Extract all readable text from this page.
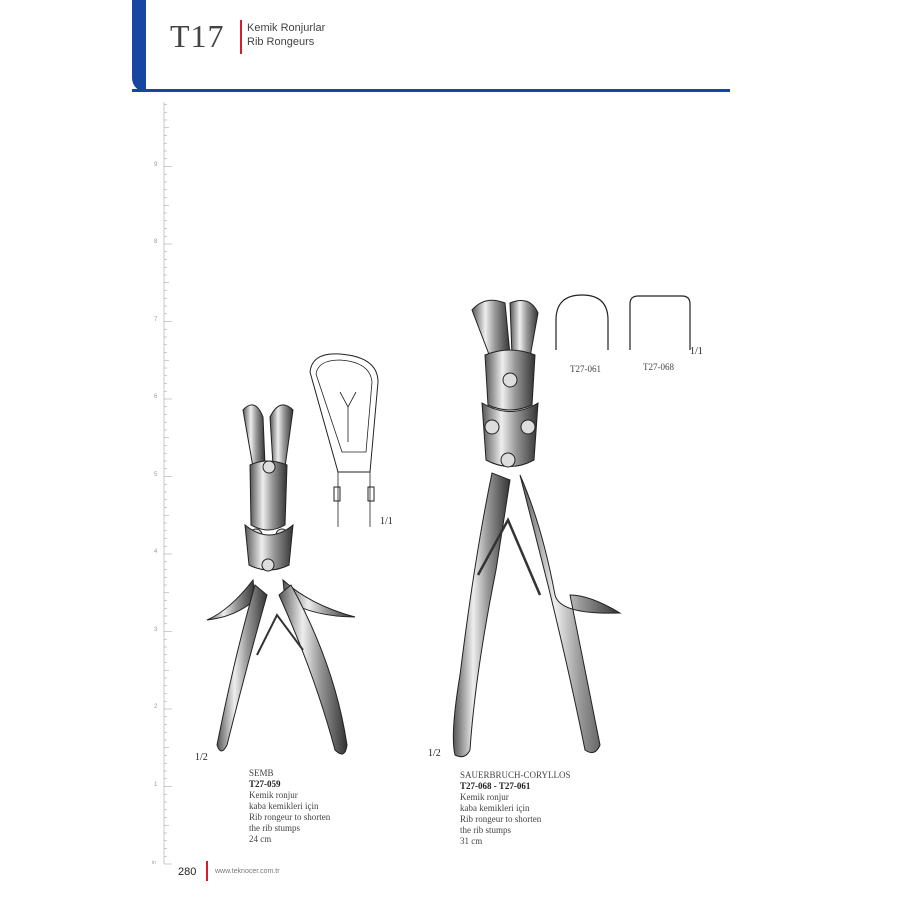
T17 Kemik Ronjurlar
Rib Rongeurs
9
8
7
6
5
4
3
2
1
in
1/1
T27-061	T27-068
1/1
1/2
SEMB
T27-059
Kemik ronjur
kaba kemikleri için
Rib rongeur to shorten
the rib stumps
24 cm
1/2
SAUERBRUCH-CORYLLOS
T27-068 - T27-061
Kemik ronjur
kaba kemikleri için
Rib rongeur to shorten
the rib stumps
31 cm
280	www.teknocer.com.tr
